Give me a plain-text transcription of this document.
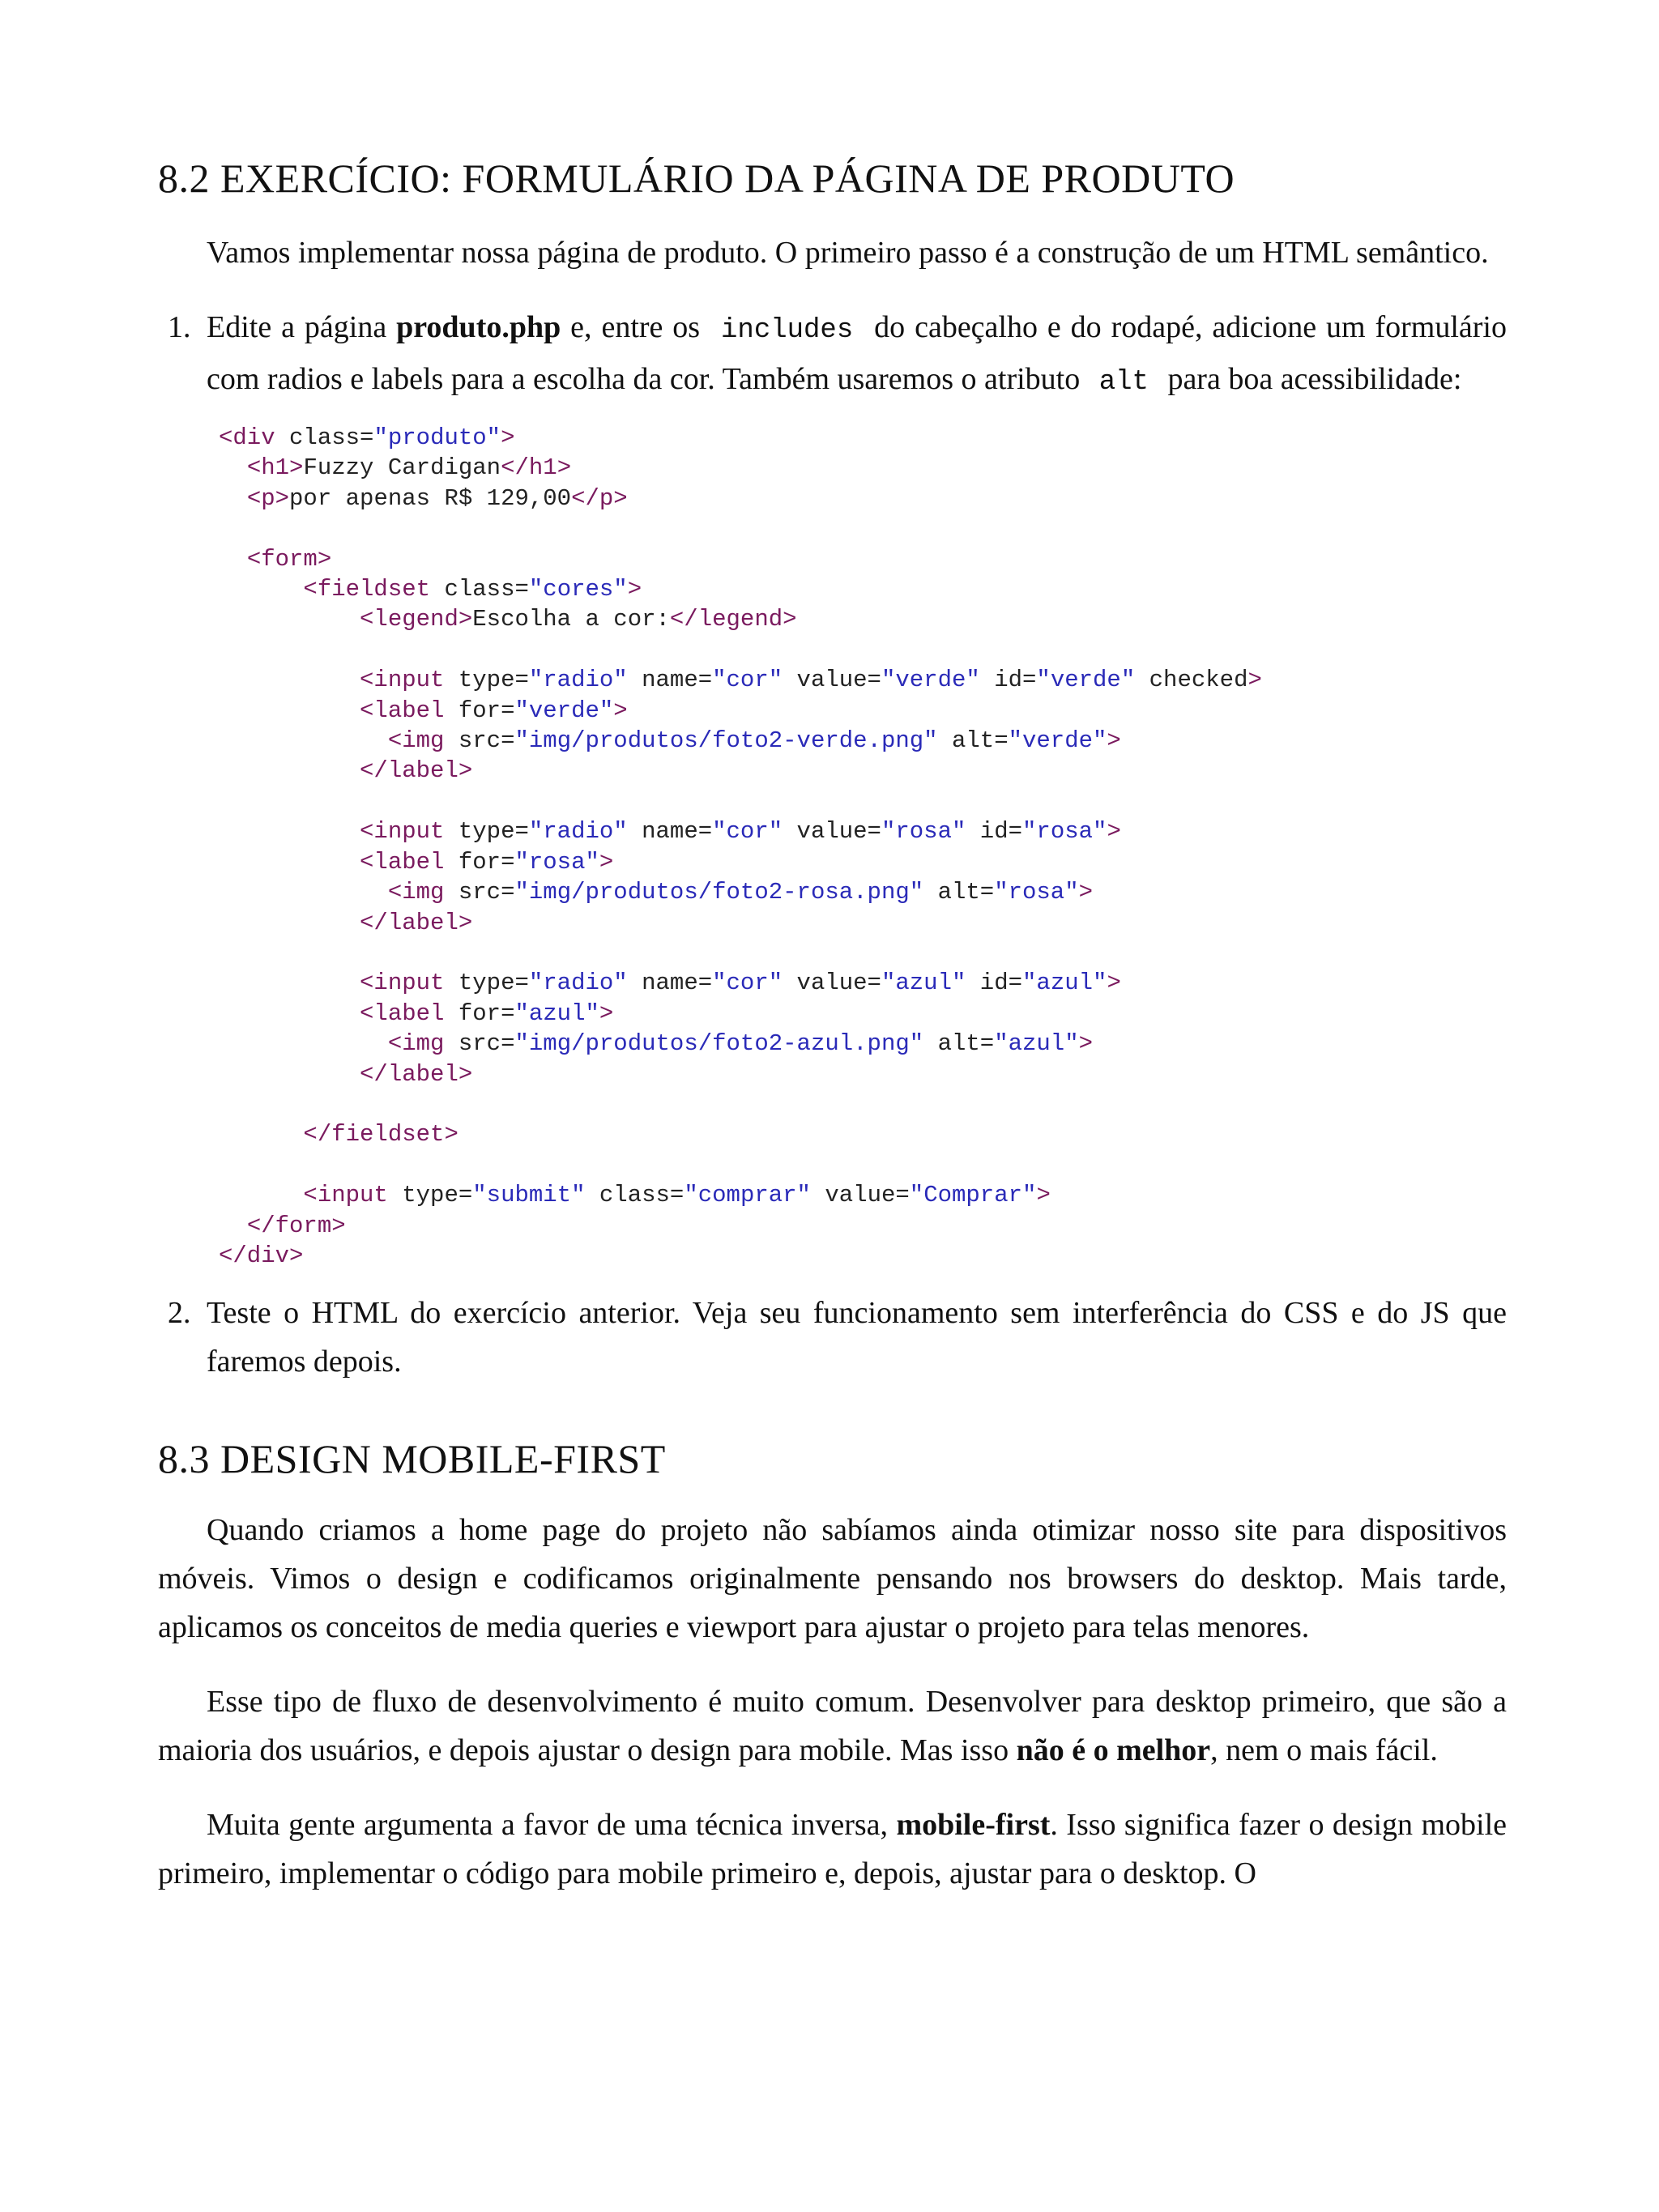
8.2 EXERCÍCIO: FORMULÁRIO DA PÁGINA DE PRODUTO

Vamos implementar nossa página de produto. O primeiro passo é a construção de um HTML semântico.

1. Edite a página produto.php e, entre os includes do cabeçalho e do rodapé, adicione um formulário com radios e labels para a escolha da cor. Também usaremos o atributo alt para boa acessibilidade:
<div class="produto">
<h1>Fuzzy Cardigan</h1>
<p>por apenas R$ 129,00</p>

<form>
<fieldset class="cores">
<legend>Escolha a cor:</legend>

<input type="radio" name="cor" value="verde" id="verde" checked>
<label for="verde">
<img src="img/produtos/foto2-verde.png" alt="verde">
</label>

<input type="radio" name="cor" value="rosa" id="rosa">
<label for="rosa">
<img src="img/produtos/foto2-rosa.png" alt="rosa">
</label>

<input type="radio" name="cor" value="azul" id="azul">
<label for="azul">
<img src="img/produtos/foto2-azul.png" alt="azul">
</label>

</fieldset>

<input type="submit" class="comprar" value="Comprar">
</form>
</div>
2. Teste o HTML do exercício anterior. Veja seu funcionamento sem interferência do CSS e do JS que faremos depois.
8.3 DESIGN MOBILE-FIRST

Quando criamos a home page do projeto não sabíamos ainda otimizar nosso site para dispositivos móveis. Vimos o design e codificamos originalmente pensando nos browsers do desktop. Mais tarde, aplicamos os conceitos de media queries e viewport para ajustar o projeto para telas menores.

Esse tipo de fluxo de desenvolvimento é muito comum. Desenvolver para desktop primeiro, que são a maioria dos usuários, e depois ajustar o design para mobile. Mas isso não é o melhor, nem o mais fácil.

Muita gente argumenta a favor de uma técnica inversa, mobile-first. Isso significa fazer o design mobile primeiro, implementar o código para mobile primeiro e, depois, ajustar para o desktop. O
